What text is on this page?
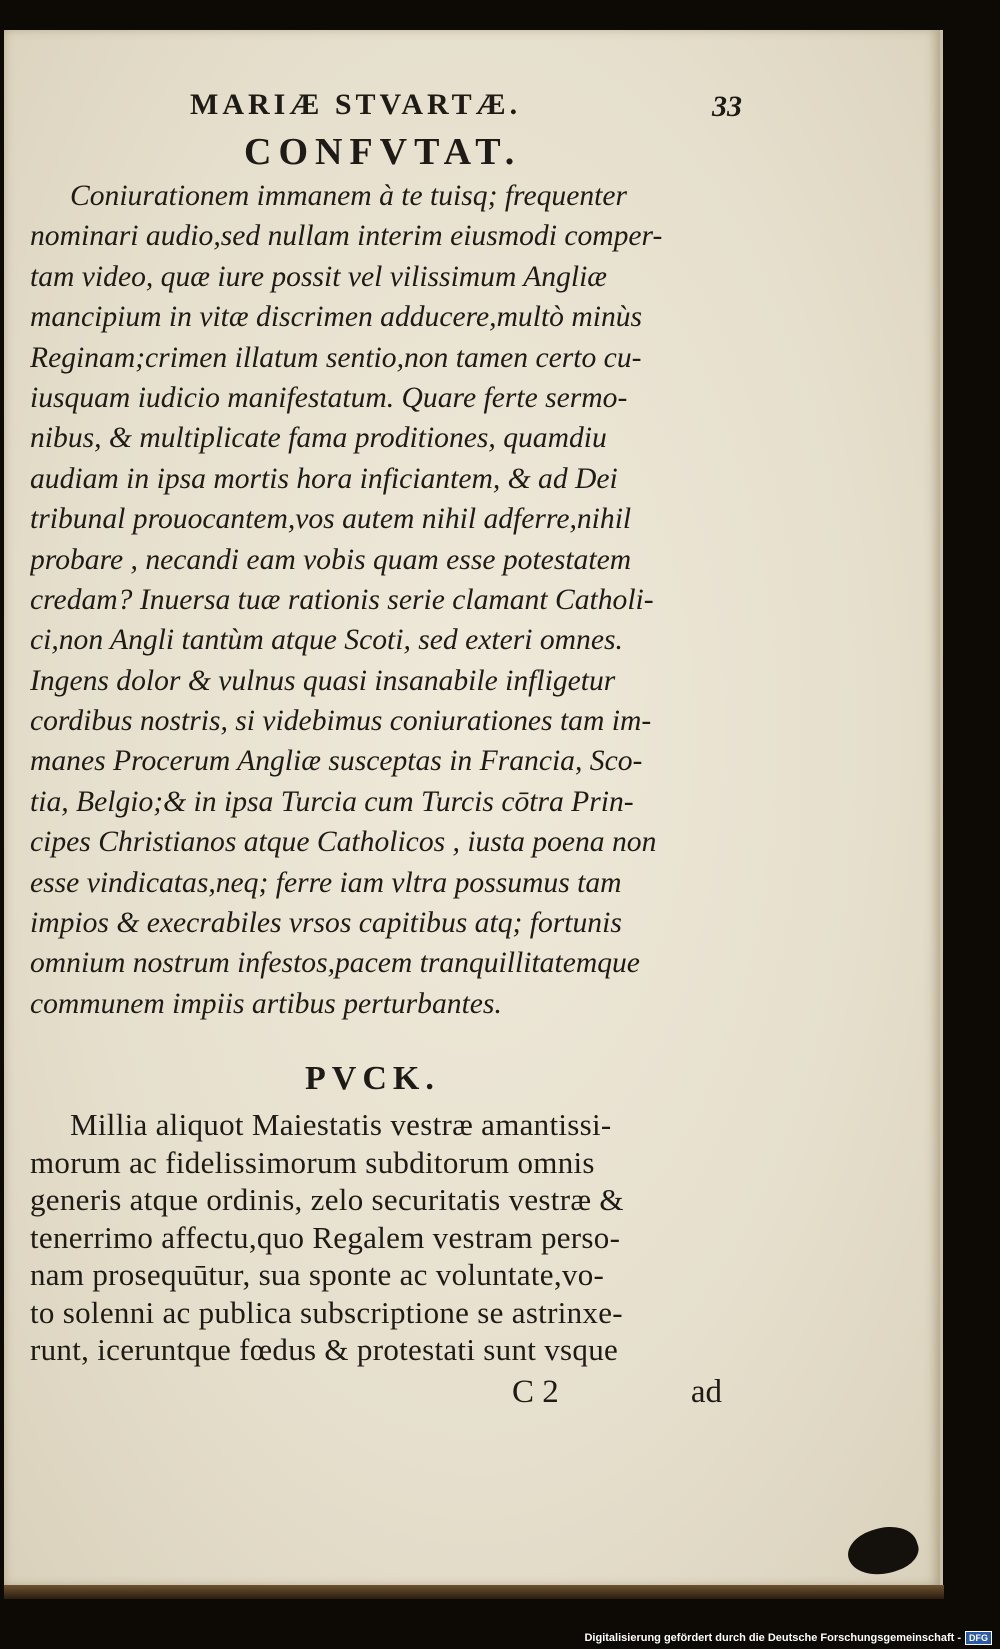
MARIÆ STVARTÆ.	33
CONFVTAT.
Coniurationem immanem à te tuisq; frequenter
nominari audio,sed nullam interim eiusmodi comper-
tam video, quæ iure possit vel vilissimum Angliæ
mancipium in vitæ discrimen adducere,multò minùs
Reginam;crimen illatum sentio,non tamen certo cu-
iusquam iudicio manifestatum. Quare ferte sermo-
nibus, & multiplicate fama proditiones, quamdiu
audiam in ipsa mortis hora inficiantem, & ad Dei
tribunal prouocantem,vos autem nihil adferre,nihil
probare , necandi eam vobis quam esse potestatem
credam? Inuersa tuæ rationis serie clamant Catholi-
ci,non Angli tantùm atque Scoti, sed exteri omnes.
Ingens dolor & vulnus quasi insanabile infligetur
cordibus nostris, si videbimus coniurationes tam im-
manes Procerum Angliæ susceptas in Francia, Sco-
tia, Belgio;& in ipsa Turcia cum Turcis cōtra Prin-
cipes Christianos atque Catholicos , iusta poena non
esse vindicatas,neq; ferre iam vltra possumus tam
impios & execrabiles vrsos capitibus atq; fortunis
omnium nostrum infestos,pacem tranquillitatemque
communem impiis artibus perturbantes.
PVCK.
Millia aliquot Maiestatis vestræ amantissi-
morum ac fidelissimorum subditorum omnis
generis atque ordinis, zelo securitatis vestræ &
tenerrimo affectu,quo Regalem vestram perso-
nam prosequūtur, sua sponte ac voluntate,vo-
to solenni ac publica subscriptione se astrinxe-
runt, iceruntque fœdus & protestati sunt vsque
C 2	ad
Digitalisierung gefördert durch die Deutsche Forschungsgemeinschaft - DFG
